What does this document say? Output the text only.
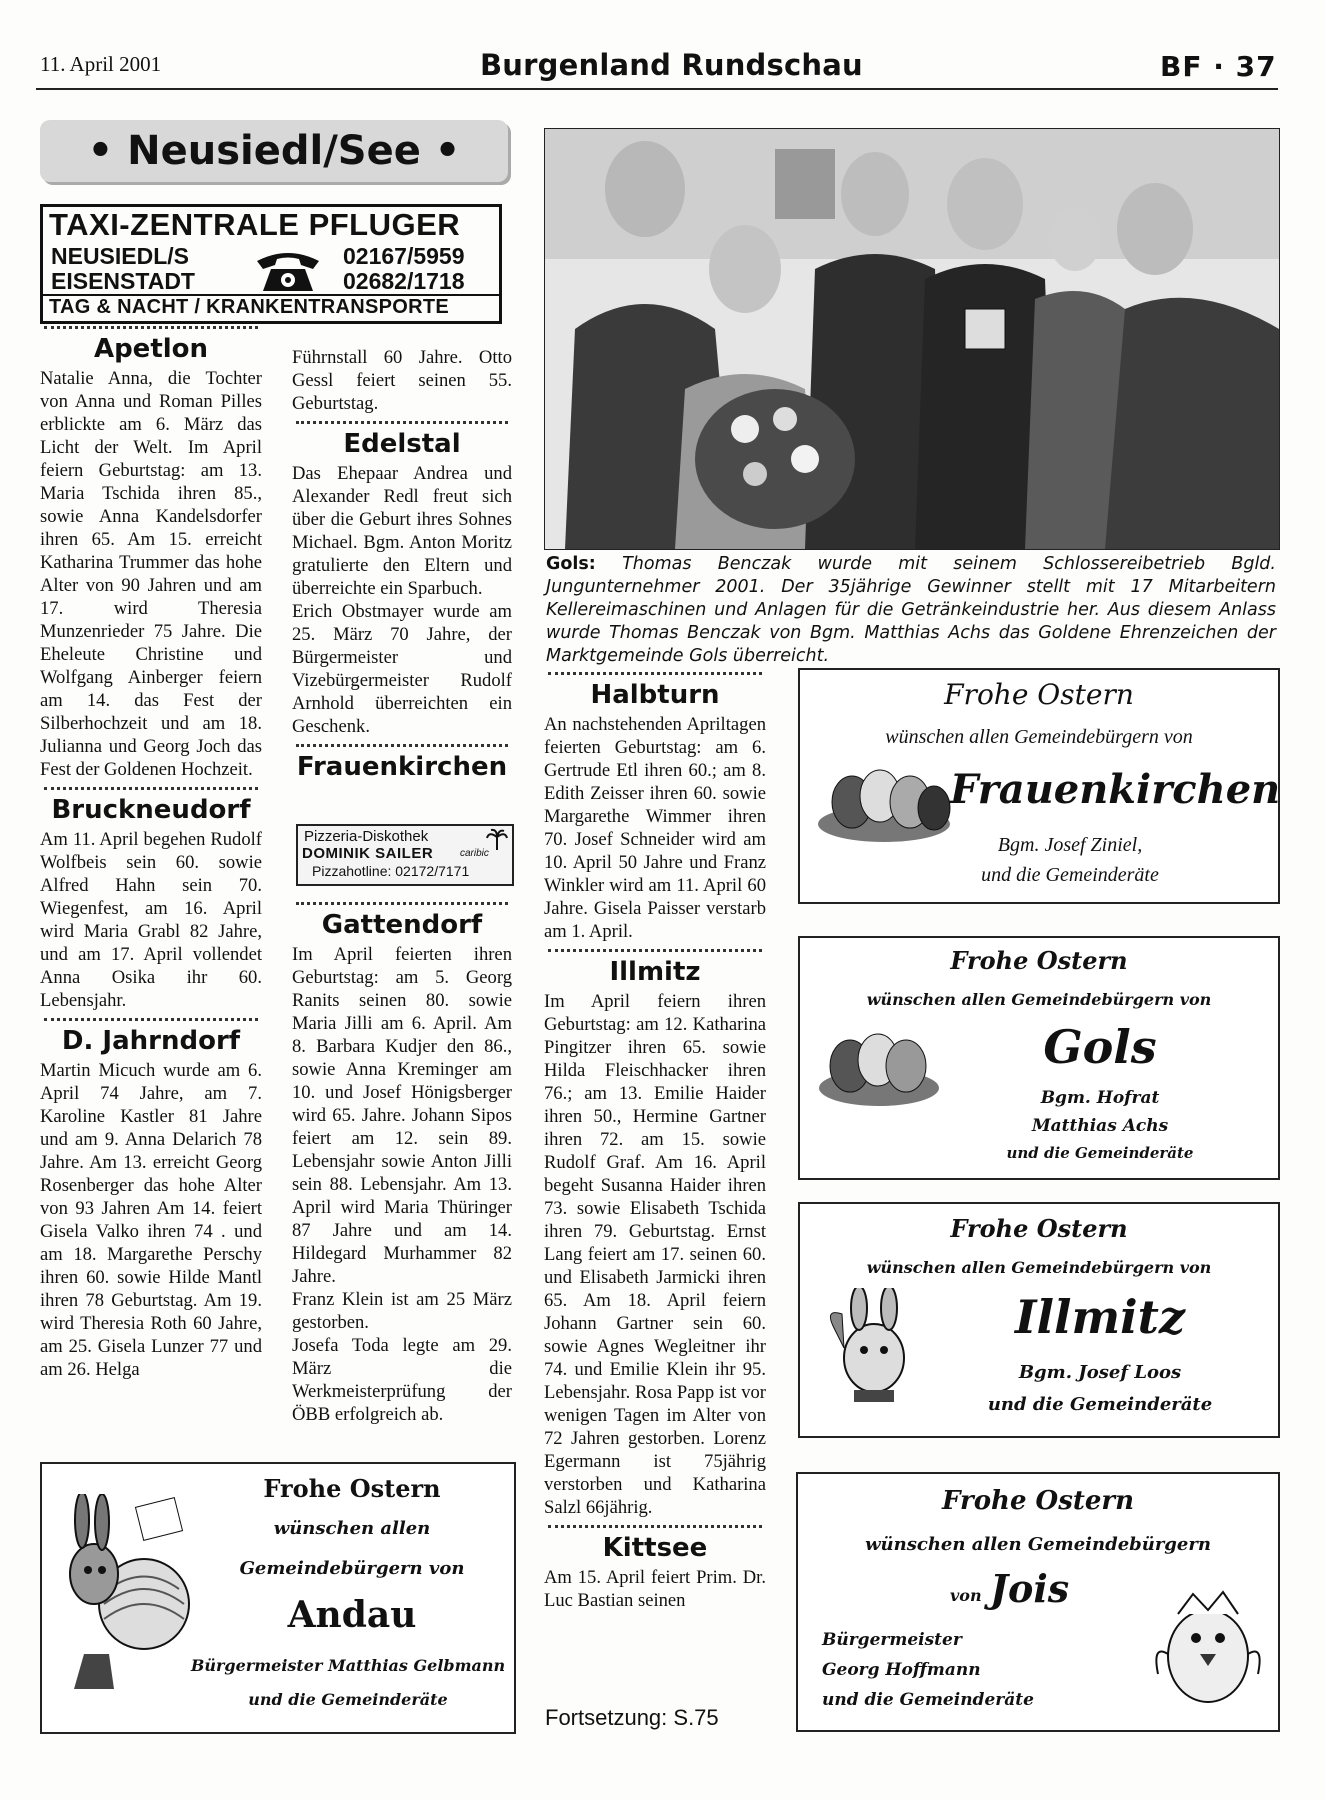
11. April 2001	Burgenland Rundschau	BF · 37
• Neusiedl/See •
TAXI-ZENTRALE PFLUGER
NEUSIEDL/S	02167/5959
EISENSTADT	02682/1718
TAG & NACHT / KRANKENTRANSPORTE
Apetlon

Natalie Anna, die Tochter von Anna und Roman Pilles erblickte am 6. März das Licht der Welt. Im April feiern Geburtstag: am 13. Maria Tschida ihren 85., sowie Anna Kandelsdorfer ihren 65. Am 15. erreicht Katharina Trummer das hohe Alter von 90 Jahren und am 17. wird Theresia Munzenrieder 75 Jahre. Die Eheleute Christine und Wolfgang Ainberger feiern am 14. das Fest der Silberhochzeit und am 18. Julianna und Georg Joch das Fest der Goldenen Hochzeit.

Bruckneudorf

Am 11. April begehen Rudolf Wolfbeis sein 60. sowie Alfred Hahn sein 70. Wiegenfest, am 16. April wird Maria Grabl 82 Jahre, und am 17. April vollendet Anna Osika ihr 60. Lebensjahr.

D. Jahrndorf

Martin Micuch wurde am 6. April 74 Jahre, am 7. Karoline Kastler 81 Jahre und am 9. Anna Delarich 78 Jahre. Am 13. erreicht Georg Rosenberger das hohe Alter von 93 Jahren Am 14. feiert Gisela Valko ihren 74 . und am 18. Margarethe Perschy ihren 60. sowie Hilde Mantl ihren 78 Geburtstag. Am 19. wird Theresia Roth 60 Jahre, am 25. Gisela Lunzer 77 und am 26. Helga

Führnstall 60 Jahre. Otto Gessl feiert seinen 55. Geburtstag.

Edelstal

Das Ehepaar Andrea und Alexander Redl freut sich über die Geburt ihres Sohnes Michael. Bgm. Anton Moritz gratulierte den Eltern und überreichte ein Sparbuch.

Erich Obstmayer wurde am 25. März 70 Jahre, der Bürgermeister und Vizebürgermeister Rudolf Arnhold überreichten ein Geschenk.

Frauenkirchen
Pizzeria-Diskothek
DOMINIK SAILER
Pizzahotline: 02172/7171
caribic
Gattendorf

Im April feierten ihren Geburtstag: am 5. Georg Ranits seinen 80. sowie Maria Jilli am 6. April. Am 8. Barbara Kudjer den 86., sowie Anna Kreminger am 10. und Josef Hönigsberger wird 65. Jahre. Johann Sipos feiert am 12. sein 89. Lebensjahr sowie Anton Jilli sein 88. Lebensjahr. Am 13. April wird Maria Thüringer 87 Jahre und am 14. Hildegard Murhammer 82 Jahre.

Franz Klein ist am 25 März gestorben.

Josefa Toda legte am 29. März die Werkmeisterprüfung der ÖBB erfolgreich ab.

Gols: Thomas Benczak wurde mit seinem Schlossereibetrieb Bgld. Jungunternehmer 2001. Der 35jährige Gewinner stellt mit 17 Mitarbeitern Kellereimaschinen und Anlagen für die Getränkeindustrie her. Aus diesem Anlass wurde Thomas Benczak von Bgm. Matthias Achs das Goldene Ehrenzeichen der Marktgemeinde Gols überreicht.
Halbturn

An nachstehenden Apriltagen feierten Geburtstag: am 6. Gertrude Etl ihren 60.; am 8. Edith Zeisser ihren 60. sowie Margarethe Wimmer ihren 70. Josef Schneider wird am 10. April 50 Jahre und Franz Winkler wird am 11. April 60 Jahre. Gisela Paisser verstarb am 1. April.

Illmitz

Im April feiern ihren Geburtstag: am 12. Katharina Pingitzer ihren 65. sowie Hilda Fleischhacker ihren 76.; am 13. Emilie Haider ihren 50., Hermine Gartner ihren 72. am 15. sowie Rudolf Graf. Am 16. April begeht Susanna Haider ihren 73. sowie Elisabeth Tschida ihren 79. Geburtstag. Ernst Lang feiert am 17. seinen 60. und Elisabeth Jarmicki ihren 65. Am 18. April feiern Johann Gartner sein 60. sowie Agnes Wegleitner ihr 74. und Emilie Klein ihr 95. Lebensjahr. Rosa Papp ist vor wenigen Tagen im Alter von 72 Jahren gestorben. Lorenz Egermann ist 75jährig verstorben und Katharina Salzl 66jährig.

Kittsee

Am 15. April feiert Prim. Dr. Luc Bastian seinen

Fortsetzung: S.75
Frohe Ostern
wünschen allen Gemeindebürgern von
Frauenkirchen
Bgm. Josef Ziniel,
und die Gemeinderäte
Frohe Ostern
wünschen allen Gemeindebürgern von
Gols
Bgm. Hofrat
Matthias Achs
und die Gemeinderäte
Frohe Ostern
wünschen allen Gemeindebürgern von
Illmitz
Bgm. Josef Loos
und die Gemeinderäte
Frohe Ostern
wünschen allen Gemeindebürgern
von Jois
Bürgermeister
Georg Hoffmann
und die Gemeinderäte
Frohe Ostern
wünschen allen
Gemeindebürgern von
Andau
Bürgermeister Matthias Gelbmann
und die Gemeinderäte
